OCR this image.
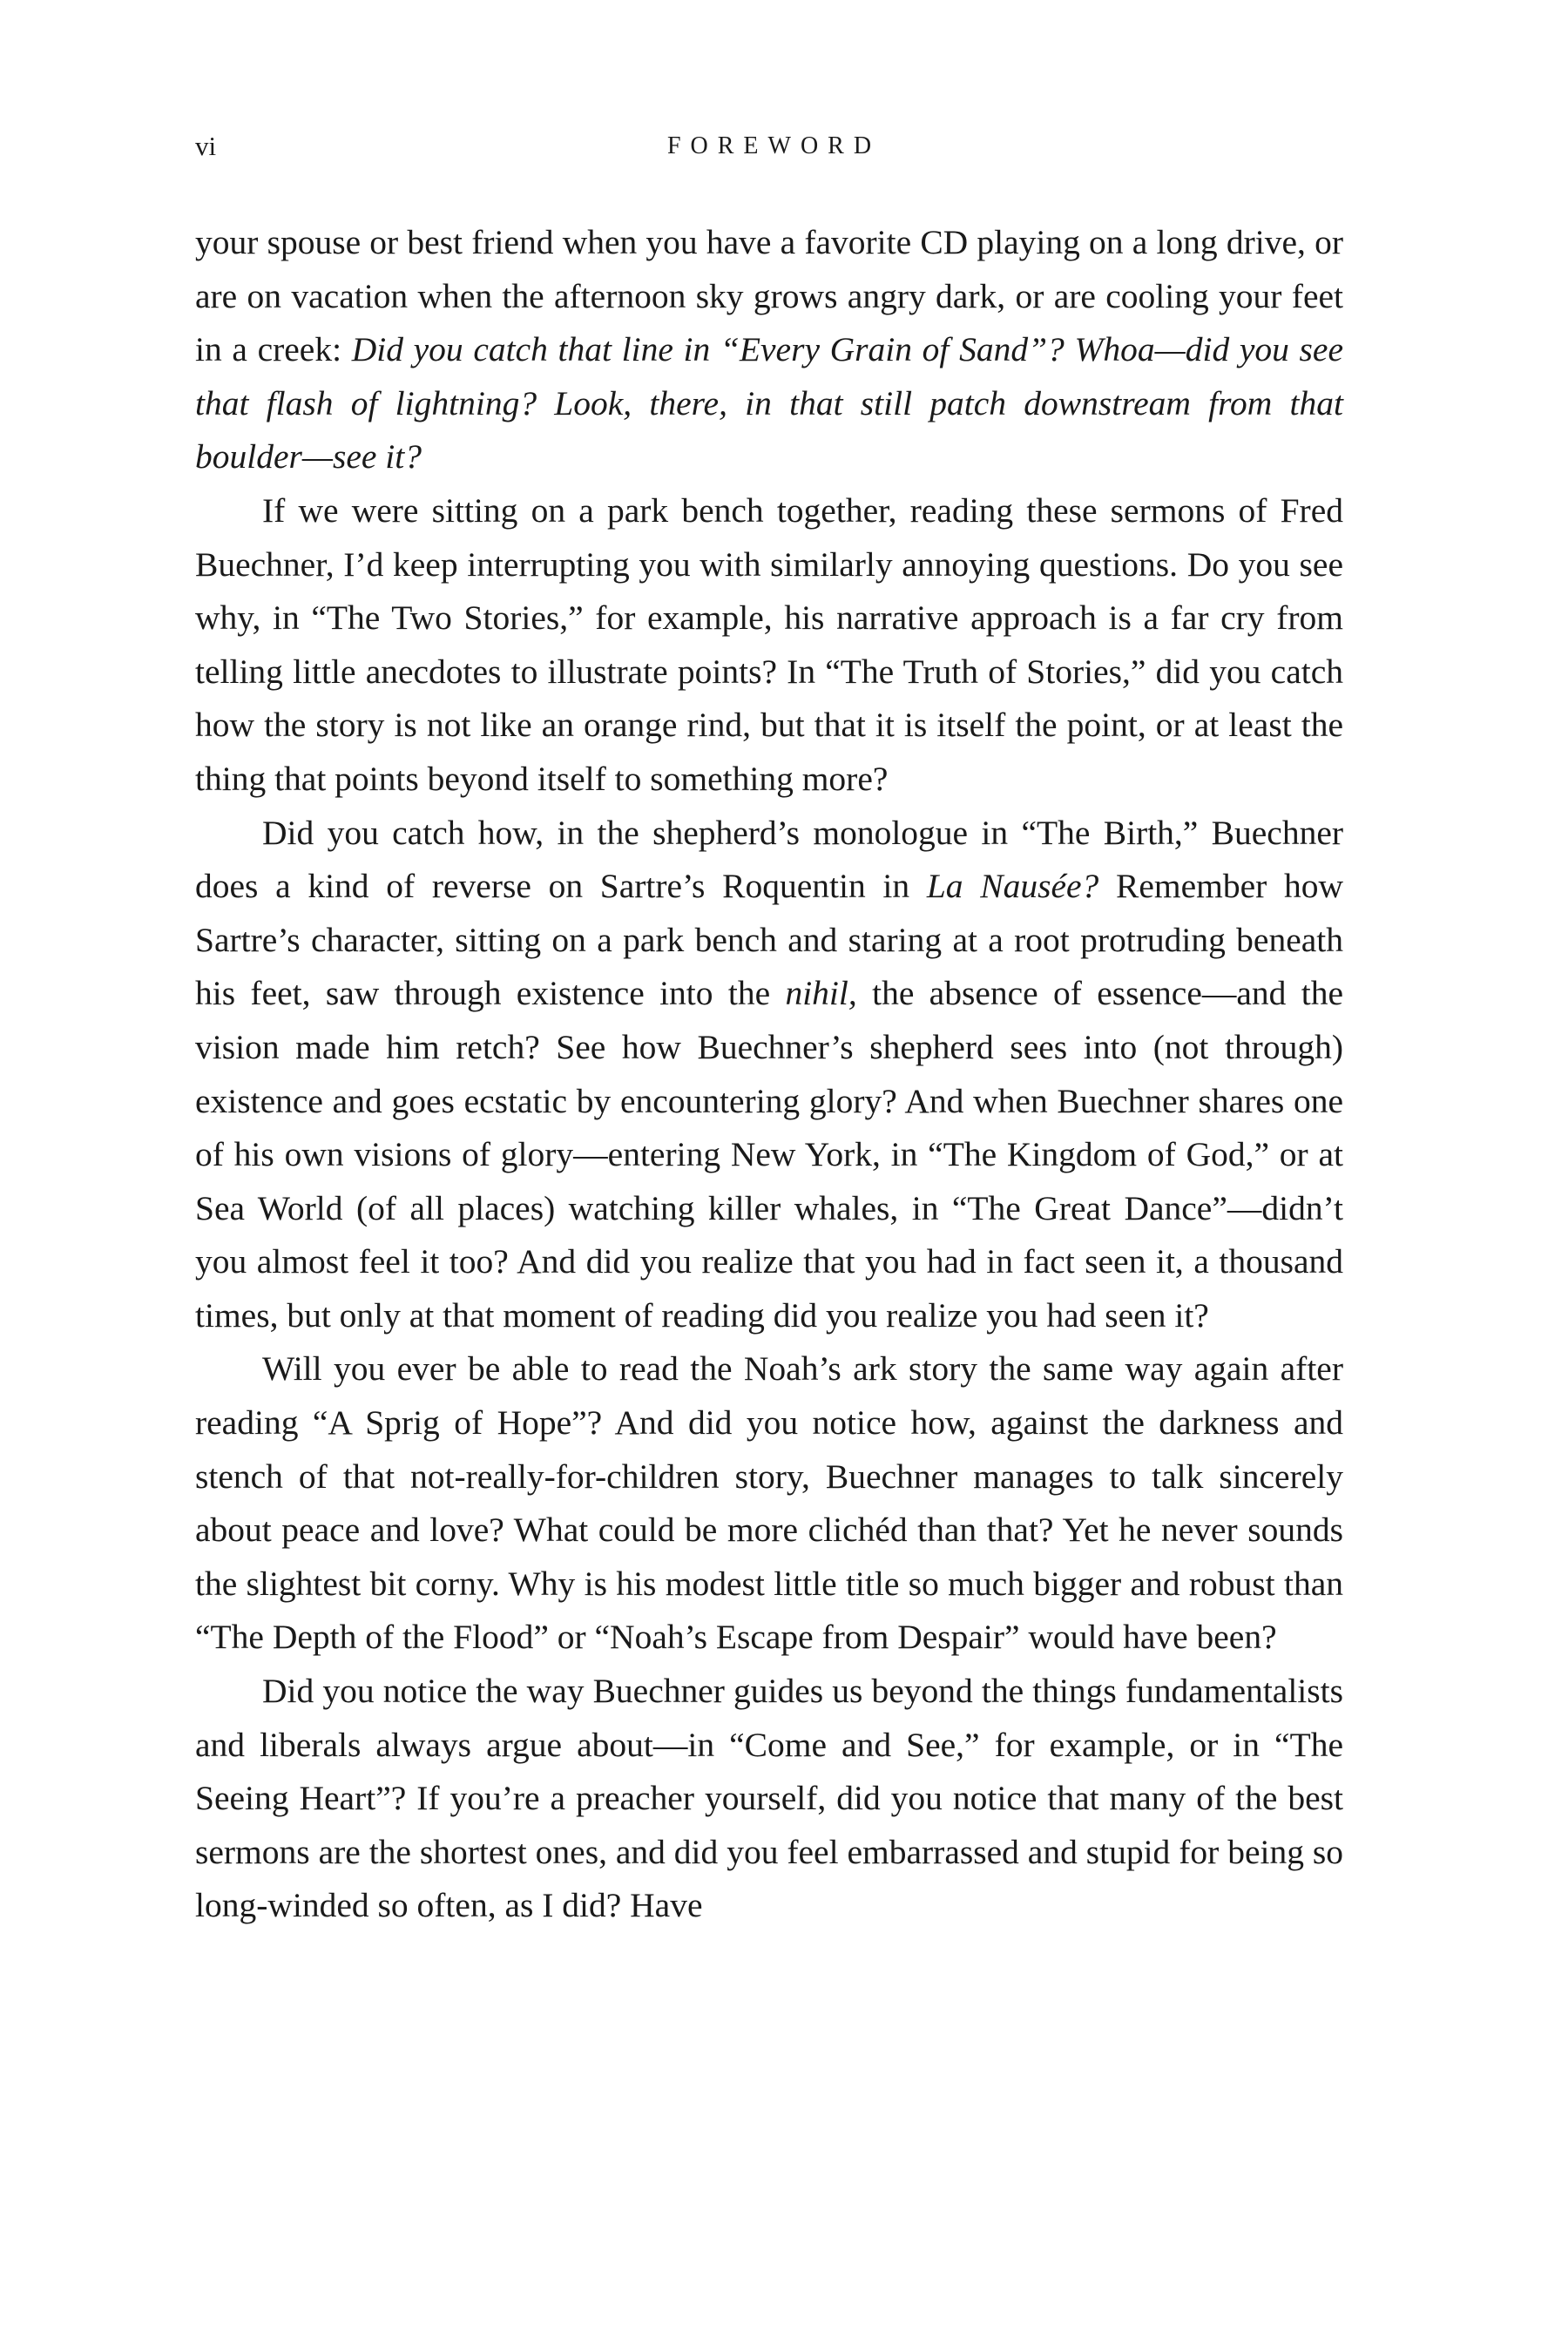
vi	FOREWORD

your spouse or best friend when you have a favorite CD playing on a long drive, or are on vacation when the afternoon sky grows angry dark, or are cooling your feet in a creek: Did you catch that line in “Every Grain of Sand”? Whoa—did you see that flash of lightning? Look, there, in that still patch downstream from that boulder—see it?

If we were sitting on a park bench together, reading these sermons of Fred Buechner, I’d keep interrupting you with similarly annoying questions. Do you see why, in “The Two Stories,” for example, his narrative approach is a far cry from telling little anecdotes to illustrate points? In “The Truth of Stories,” did you catch how the story is not like an orange rind, but that it is itself the point, or at least the thing that points beyond itself to something more?

Did you catch how, in the shepherd’s monologue in “The Birth,” Buechner does a kind of reverse on Sartre’s Roquentin in La Nausée? Remember how Sartre’s character, sitting on a park bench and staring at a root protruding beneath his feet, saw through existence into the nihil, the absence of essence—and the vision made him retch? See how Buechner’s shepherd sees into (not through) existence and goes ecstatic by encountering glory? And when Buechner shares one of his own visions of glory—entering New York, in “The Kingdom of God,” or at Sea World (of all places) watching killer whales, in “The Great Dance”—didn’t you almost feel it too? And did you realize that you had in fact seen it, a thousand times, but only at that moment of reading did you realize you had seen it?

Will you ever be able to read the Noah’s ark story the same way again after reading “A Sprig of Hope”? And did you notice how, against the darkness and stench of that not-really-for-children story, Buechner manages to talk sincerely about peace and love? What could be more clichéd than that? Yet he never sounds the slightest bit corny. Why is his modest little title so much bigger and robust than “The Depth of the Flood” or “Noah’s Escape from Despair” would have been?

Did you notice the way Buechner guides us beyond the things fundamentalists and liberals always argue about—in “Come and See,” for example, or in “The Seeing Heart”? If you’re a preacher yourself, did you notice that many of the best sermons are the shortest ones, and did you feel embarrassed and stupid for being so long-winded so often, as I did? Have
